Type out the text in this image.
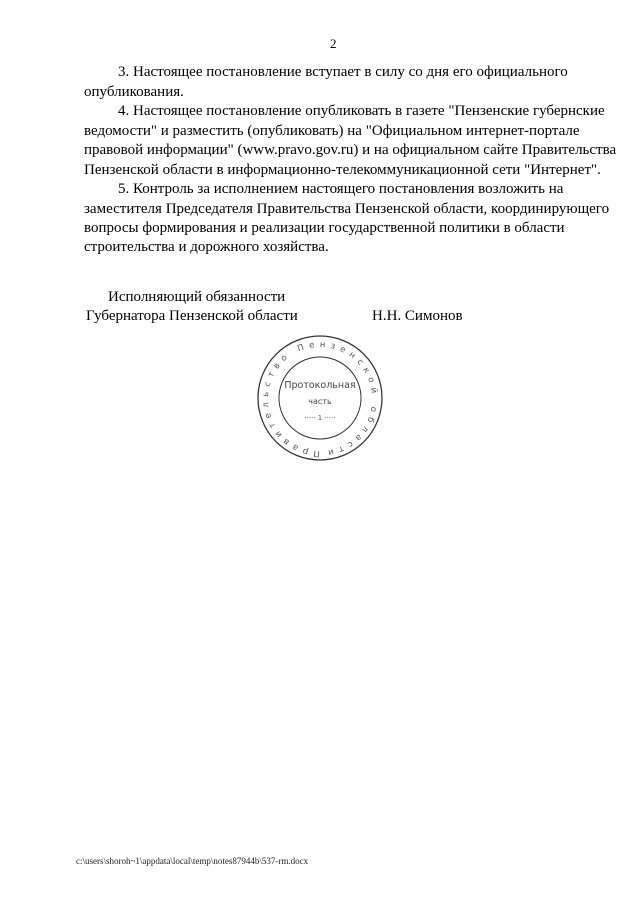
2
3. Настоящее постановление вступает в силу со дня его официального
опубликования.
4. Настоящее постановление опубликовать в газете "Пензенские губернские
ведомости" и разместить (опубликовать) на "Официальном интернет-портале
правовой информации" (www.pravo.gov.ru) и на официальном сайте Правительства
Пензенской области в информационно-телекоммуникационной сети "Интернет".
5. Контроль за исполнением настоящего постановления возложить на
заместителя Председателя Правительства Пензенской области, координирующего
вопросы формирования и реализации государственной политики в области
строительства и дорожного хозяйства.
Исполняющий обязанности
Губернатора Пензенской области	Н.Н. Симонов
Правительство Пензенской области
Протокольная
часть
····· 1 ·····
c:\users\shoroh~1\appdata\local\temp\notes87944b\537-rm.docx
